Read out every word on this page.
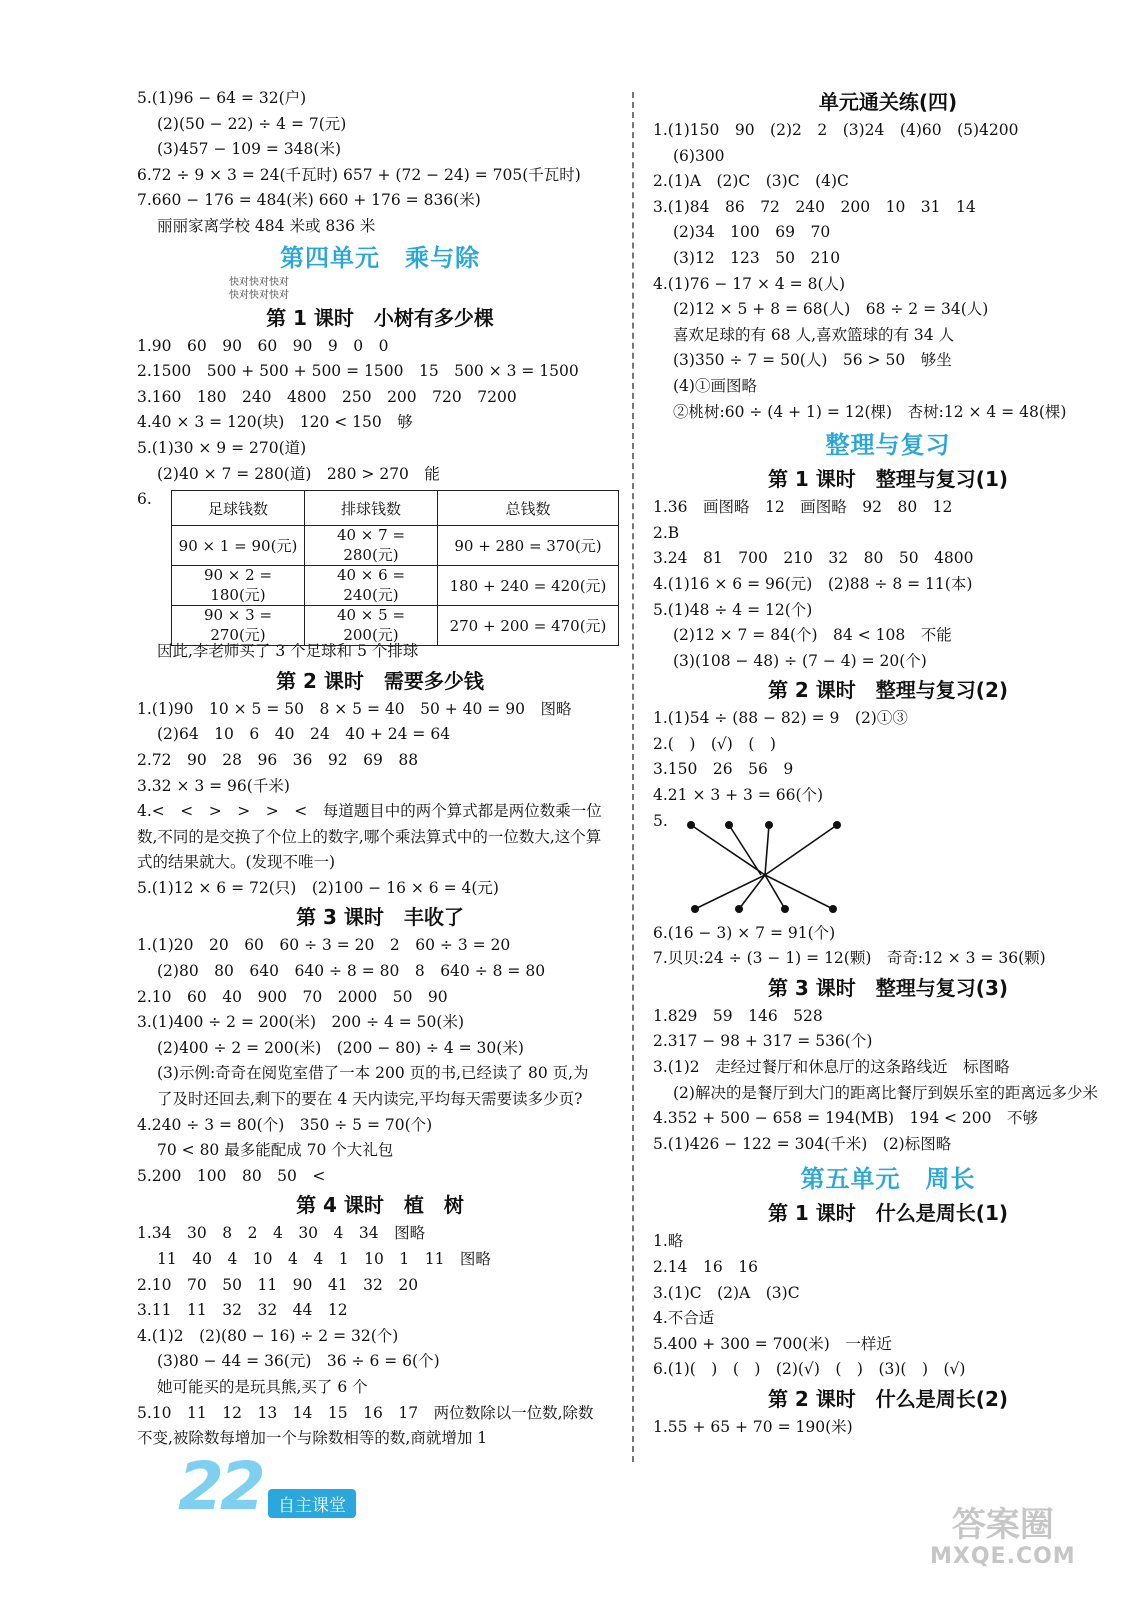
5.(1)96 − 64 = 32(户)
(2)(50 − 22) ÷ 4 = 7(元)
(3)457 − 109 = 348(米)
6.72 ÷ 9 × 3 = 24(千瓦时) 657 + (72 − 24) = 705(千瓦时)
7.660 − 176 = 484(米) 660 + 176 = 836(米)
丽丽家离学校 484 米或 836 米
第四单元　乘与除
快对快对快对
快对快对快对
第 1 课时　小树有多少棵
1.90　60　90　60　90　9　0　0
2.1500　500 + 500 + 500 = 1500　15　500 × 3 = 1500
3.160　180　240　4800　250　200　720　7200
4.40 × 3 = 120(块)　120 < 150　够
5.(1)30 × 9 = 270(道)
(2)40 × 7 = 280(道)　280 > 270　能
6.
足球钱数	排球钱数	总钱数
90 × 1 = 90(元)	40 × 7 = 280(元)	90 + 280 = 370(元)
90 × 2 = 180(元)	40 × 6 = 240(元)	180 + 240 = 420(元)
90 × 3 = 270(元)	40 × 5 = 200(元)	270 + 200 = 470(元)
因此,李老师买了 3 个足球和 5 个排球
第 2 课时　需要多少钱
1.(1)90　10 × 5 = 50　8 × 5 = 40　50 + 40 = 90　图略
(2)64　10　6　40　24　40 + 24 = 64
2.72　90　28　96　36　92　69　88
3.32 × 3 = 96(千米)
4.<　<　>　>　>　<　每道题目中的两个算式都是两位数乘一位数,不同的是交换了个位上的数字,哪个乘法算式中的一位数大,这个算式的结果就大。(发现不唯一)
5.(1)12 × 6 = 72(只)　(2)100 − 16 × 6 = 4(元)
第 3 课时　丰收了
1.(1)20　20　60　60 ÷ 3 = 20　2　60 ÷ 3 = 20
(2)80　80　640　640 ÷ 8 = 80　8　640 ÷ 8 = 80
2.10　60　40　900　70　2000　50　90
3.(1)400 ÷ 2 = 200(米)　200 ÷ 4 = 50(米)
(2)400 ÷ 2 = 200(米)　(200 − 80) ÷ 4 = 30(米)
(3)示例:奇奇在阅览室借了一本 200 页的书,已经读了 80 页,为了及时还回去,剩下的要在 4 天内读完,平均每天需要读多少页?
4.240 ÷ 3 = 80(个)　350 ÷ 5 = 70(个)
70 < 80 最多能配成 70 个大礼包
5.200　100　80　50　<
第 4 课时　植　树
1.34　30　8　2　4　30　4　34　图略
11　40　4　10　4　4　1　10　1　11　图略
2.10　70　50　11　90　41　32　20
3.11　11　32　32　44　12
4.(1)2　(2)(80 − 16) ÷ 2 = 32(个)
(3)80 − 44 = 36(元)　36 ÷ 6 = 6(个)
她可能买的是玩具熊,买了 6 个
5.10　11　12　13　14　15　16　17　两位数除以一位数,除数不变,被除数每增加一个与除数相等的数,商就增加 1
单元通关练(四)
1.(1)150　90　(2)2　2　(3)24　(4)60　(5)4200
(6)300
2.(1)A　(2)C　(3)C　(4)C
3.(1)84　86　72　240　200　10　31　14
(2)34　100　69　70
(3)12　123　50　210
4.(1)76 − 17 × 4 = 8(人)
(2)12 × 5 + 8 = 68(人)　68 ÷ 2 = 34(人)
喜欢足球的有 68 人,喜欢篮球的有 34 人
(3)350 ÷ 7 = 50(人)　56 > 50　够坐
(4)①画图略
②桃树:60 ÷ (4 + 1) = 12(棵)　杏树:12 × 4 = 48(棵)
整理与复习
第 1 课时　整理与复习(1)
1.36　画图略　12　画图略　92　80　12
2.B
3.24　81　700　210　32　80　50　4800
4.(1)16 × 6 = 96(元)　(2)88 ÷ 8 = 11(本)
5.(1)48 ÷ 4 = 12(个)
(2)12 × 7 = 84(个)　84 < 108　不能
(3)(108 − 48) ÷ (7 − 4) = 20(个)
第 2 课时　整理与复习(2)
1.(1)54 ÷ (88 − 82) = 9　(2)①③
2.(　)　(√)　(　)
3.150　26　56　9
4.21 × 3 + 3 = 66(个)
5.
6.(16 − 3) × 7 = 91(个)
7.贝贝:24 ÷ (3 − 1) = 12(颗)　奇奇:12 × 3 = 36(颗)
第 3 课时　整理与复习(3)
1.829　59　146　528
2.317 − 98 + 317 = 536(个)
3.(1)2　走经过餐厅和休息厅的这条路线近　标图略
(2)解决的是餐厅到大门的距离比餐厅到娱乐室的距离远多少米
4.352 + 500 − 658 = 194(MB)　194 < 200　不够
5.(1)426 − 122 = 304(千米)　(2)标图略
第五单元　周长
第 1 课时　什么是周长(1)
1.略
2.14　16　16
3.(1)C　(2)A　(3)C
4.不合适
5.400 + 300 = 700(米)　一样近
6.(1)(　)　(　)　(2)(√)　(　)　(3)(　)　(√)
第 2 课时　什么是周长(2)
1.55 + 65 + 70 = 190(米)
22 自主课堂	答案圈
MXQE.COM
